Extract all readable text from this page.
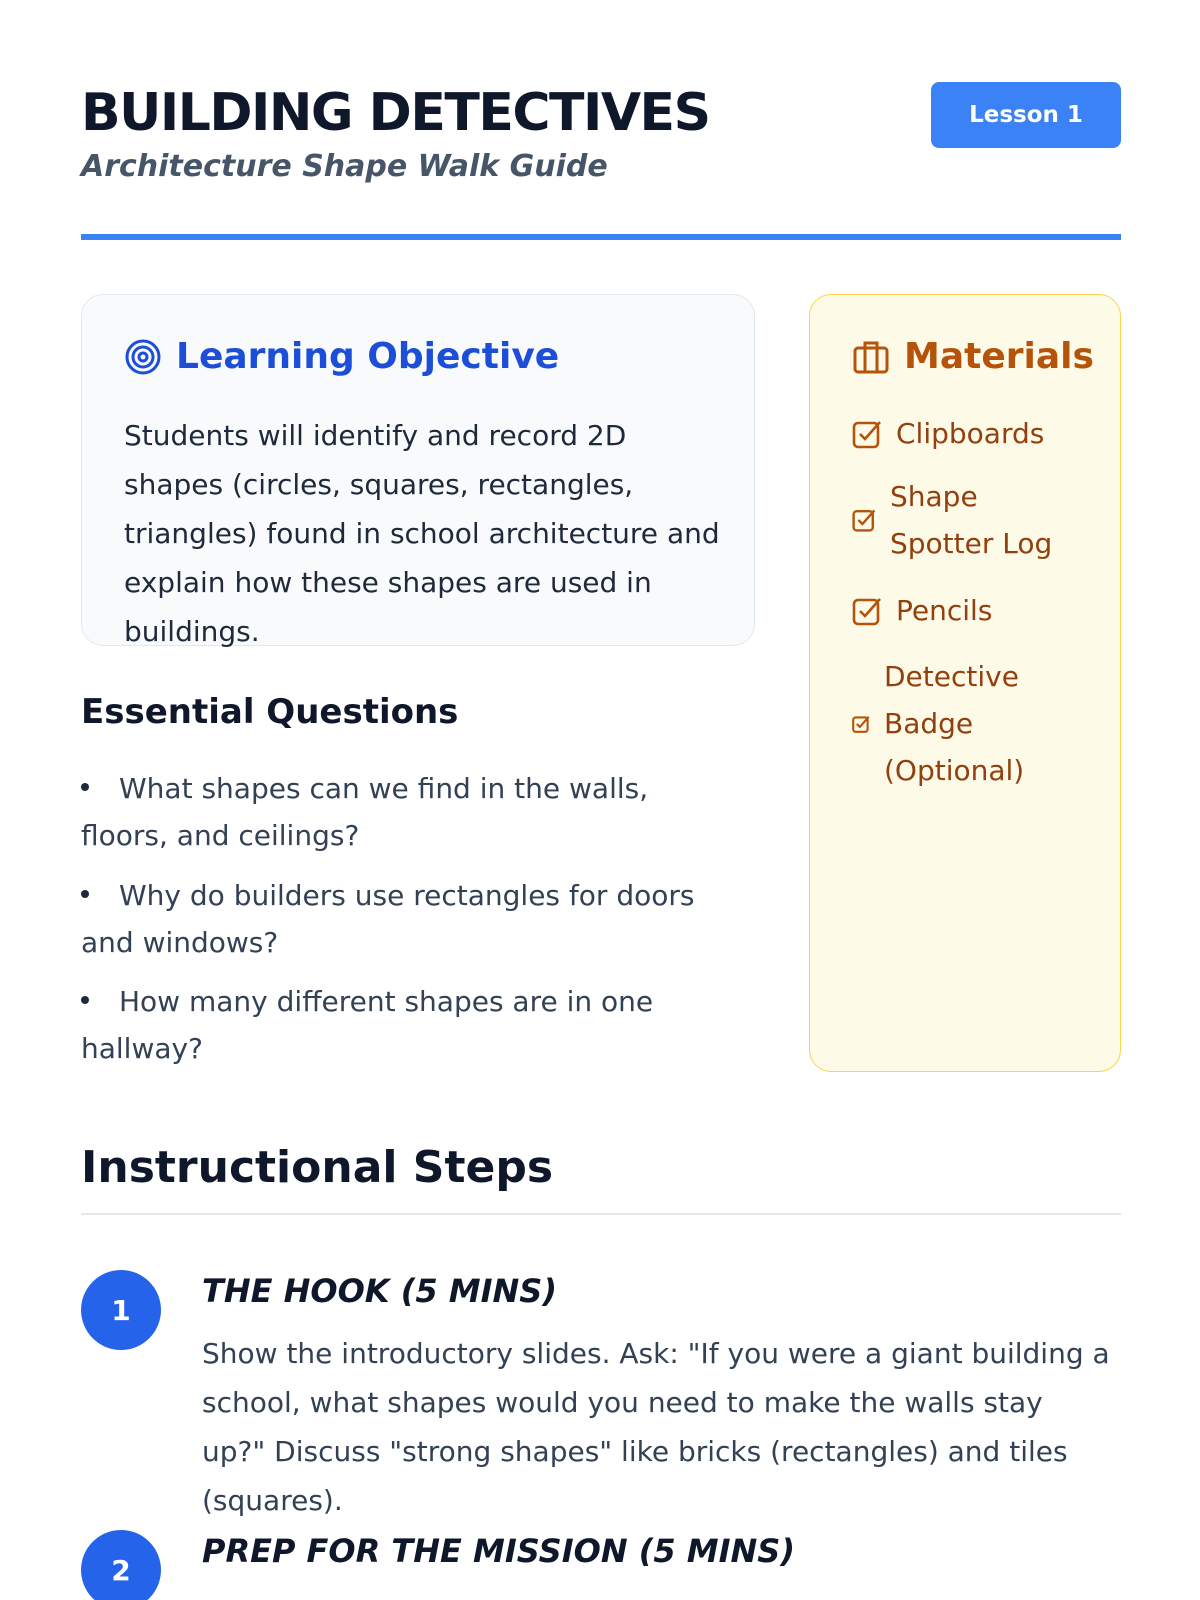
BUILDING DETECTIVES
Architecture Shape Walk Guide
Lesson 1
Learning Objective

Students will identify and record 2D shapes (circles, squares, rectangles, triangles) found in school architecture and explain how these shapes are used in buildings.

Materials
Clipboards
Shape Spotter Log
Pencils
Detective Badge (Optional)
Essential Questions
What shapes can we find in the walls, floors, and ceilings?
Why do builders use rectangles for doors and windows?
How many different shapes are in one hallway?
Instructional Steps
1	THE HOOK (5 MINS)
Show the introductory slides. Ask: "If you were a giant building a school, what shapes would you need to make the walls stay up?" Discuss "strong shapes" like bricks (rectangles) and tiles (squares).
2	PREP FOR THE MISSION (5 MINS)
